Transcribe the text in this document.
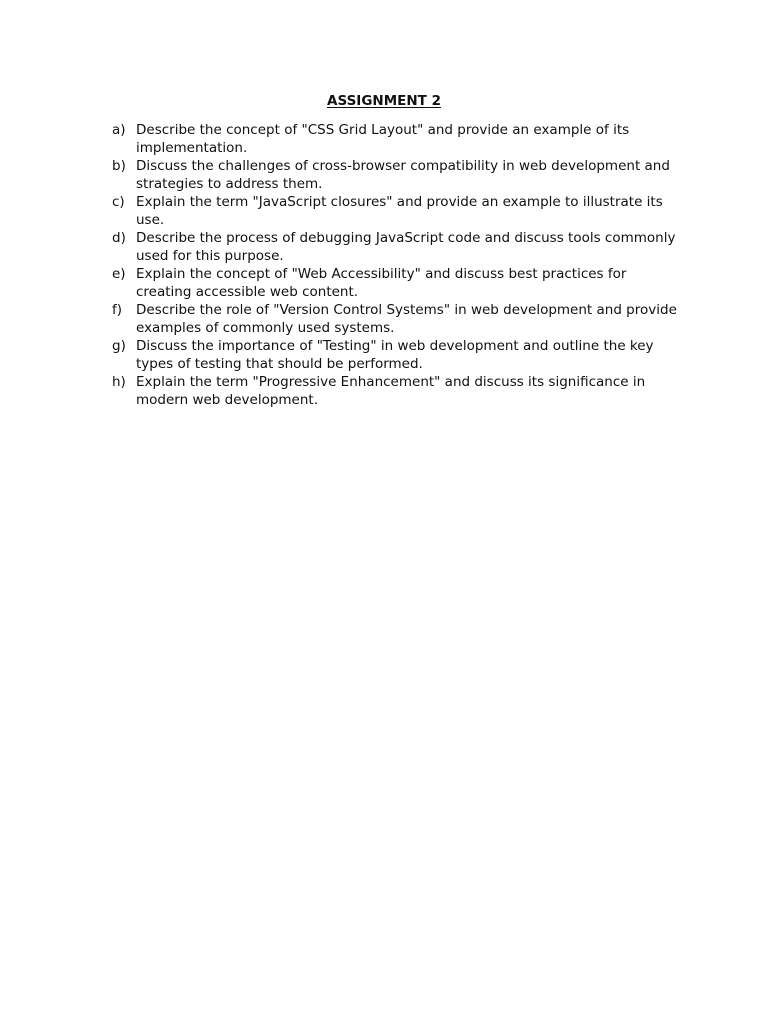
ASSIGNMENT 2
a) Describe the concept of "CSS Grid Layout" and provide an example of its implementation.
b) Discuss the challenges of cross-browser compatibility in web development and strategies to address them.
c) Explain the term "JavaScript closures" and provide an example to illustrate its use.
d) Describe the process of debugging JavaScript code and discuss tools commonly used for this purpose.
e) Explain the concept of "Web Accessibility" and discuss best practices for creating accessible web content.
f)	Describe the role of "Version Control Systems" in web development and provide examples of commonly used systems.
g) Discuss the importance of "Testing" in web development and outline the key types of testing that should be performed.
h) Explain the term "Progressive Enhancement" and discuss its significance in modern web development.
